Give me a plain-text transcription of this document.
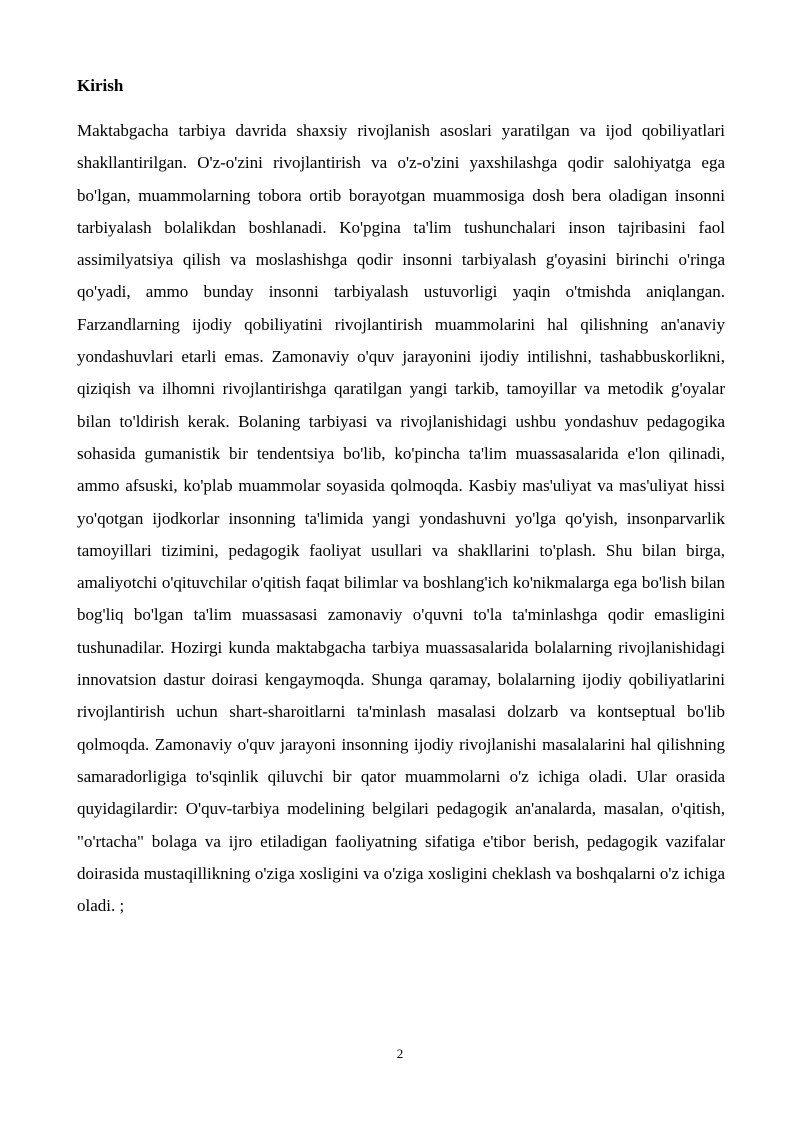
Kirish

Maktabgacha tarbiya davrida shaxsiy rivojlanish asoslari yaratilgan va ijod qobiliyatlari shakllantirilgan. O'z-o'zini rivojlantirish va o'z-o'zini yaxshilashga qodir salohiyatga ega bo'lgan, muammolarning tobora ortib borayotgan muammosiga dosh bera oladigan insonni tarbiyalash bolalikdan boshlanadi. Ko'pgina ta'lim tushunchalari inson tajribasini faol assimilyatsiya qilish va moslashishga qodir insonni tarbiyalash g'oyasini birinchi o'ringa qo'yadi, ammo bunday insonni tarbiyalash ustuvorligi yaqin o'tmishda aniqlangan. Farzandlarning ijodiy qobiliyatini rivojlantirish muammolarini hal qilishning an'anaviy yondashuvlari etarli emas. Zamonaviy o'quv jarayonini ijodiy intilishni, tashabbuskorlikni, qiziqish va ilhomni rivojlantirishga qaratilgan yangi tarkib, tamoyillar va metodik g'oyalar bilan to'ldirish kerak. Bolaning tarbiyasi va rivojlanishidagi ushbu yondashuv pedagogika sohasida gumanistik bir tendentsiya bo'lib, ko'pincha ta'lim muassasalarida e'lon qilinadi, ammo afsuski, ko'plab muammolar soyasida qolmoqda. Kasbiy mas'uliyat va mas'uliyat hissi yo'qotgan ijodkorlar insonning ta'limida yangi yondashuvni yo'lga qo'yish, insonparvarlik tamoyillari tizimini, pedagogik faoliyat usullari va shakllarini to'plash. Shu bilan birga, amaliyotchi o'qituvchilar o'qitish faqat bilimlar va boshlang'ich ko'nikmalarga ega bo'lish bilan bog'liq bo'lgan ta'lim muassasasi zamonaviy o'quvni to'la ta'minlashga qodir emasligini tushunadilar. Hozirgi kunda maktabgacha tarbiya muassasalarida bolalarning rivojlanishidagi innovatsion dastur doirasi kengaymoqda. Shunga qaramay, bolalarning ijodiy qobiliyatlarini rivojlantirish uchun shart-sharoitlarni ta'minlash masalasi dolzarb va kontseptual bo'lib qolmoqda. Zamonaviy o'quv jarayoni insonning ijodiy rivojlanishi masalalarini hal qilishning samaradorligiga to'sqinlik qiluvchi bir qator muammolarni o'z ichiga oladi. Ular orasida quyidagilardir: O'quv-tarbiya modelining belgilari pedagogik an'analarda, masalan, o'qitish, "o'rtacha" bolaga va ijro etiladigan faoliyatning sifatiga e'tibor berish, pedagogik vazifalar doirasida mustaqillikning o'ziga xosligini va o'ziga xosligini cheklash va boshqalarni o'z ichiga oladi. ;

2
